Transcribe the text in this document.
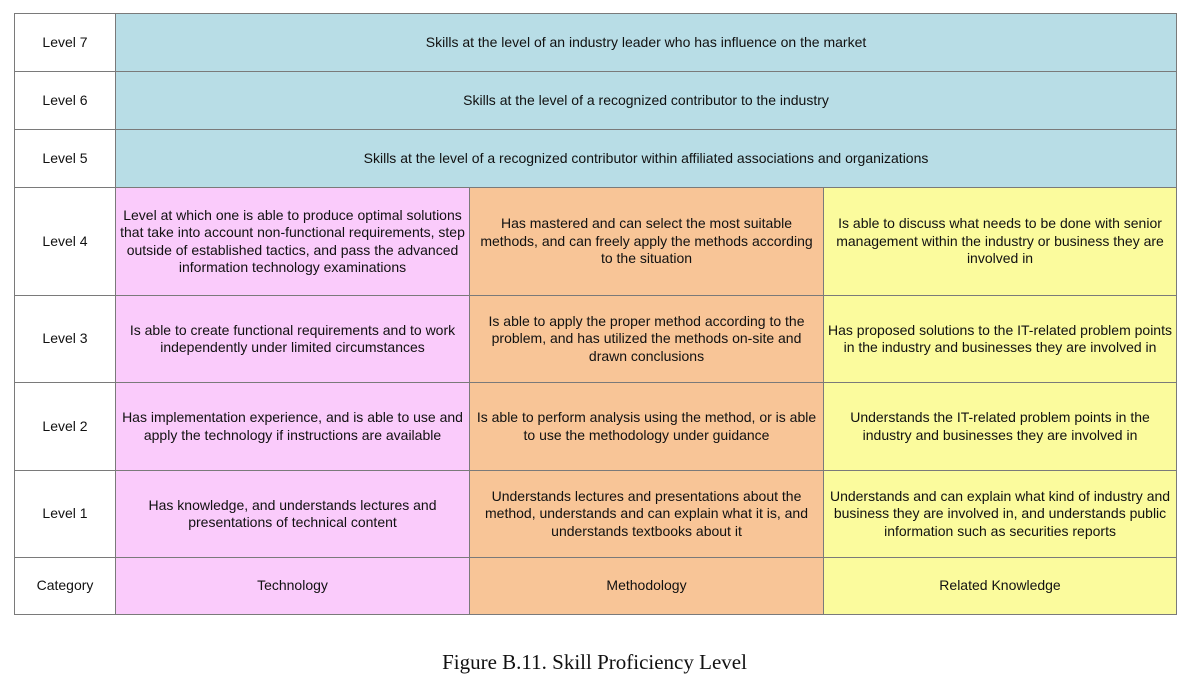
Level 7	Skills at the level of an industry leader who has influence on the market		
Level 6	Skills at the level of a recognized contributor to the industry		
Level 5	Skills at the level of a recognized contributor within affiliated associations and organizations		
Level 4	Level at which one is able to produce optimal solutions that take into account non-functional requirements, step outside of established tactics, and pass the advanced information technology examinations	Has mastered and can select the most suitable methods, and can freely apply the methods according to the situation	Is able to discuss what needs to be done with senior management within the industry or business they are involved in
Level 3	Is able to create functional requirements and to work independently under limited circumstances	Is able to apply the proper method according to the problem, and has utilized the methods on-site and drawn conclusions	Has proposed solutions to the IT-related problem points in the industry and businesses they are involved in
Level 2	Has implementation experience, and is able to use and apply the technology if instructions are available	Is able to perform analysis using the method, or is able to use the methodology under guidance	Understands the IT-related problem points in the industry and businesses they are involved in
Level 1	Has knowledge, and understands lectures and presentations of technical content	Understands lectures and presentations about the method, understands and can explain what it is, and understands textbooks about it	Understands and can explain what kind of industry and business they are involved in, and understands public information such as securities reports
Category	Technology	Methodology	Related Knowledge
Figure B.11. Skill Proficiency Level
